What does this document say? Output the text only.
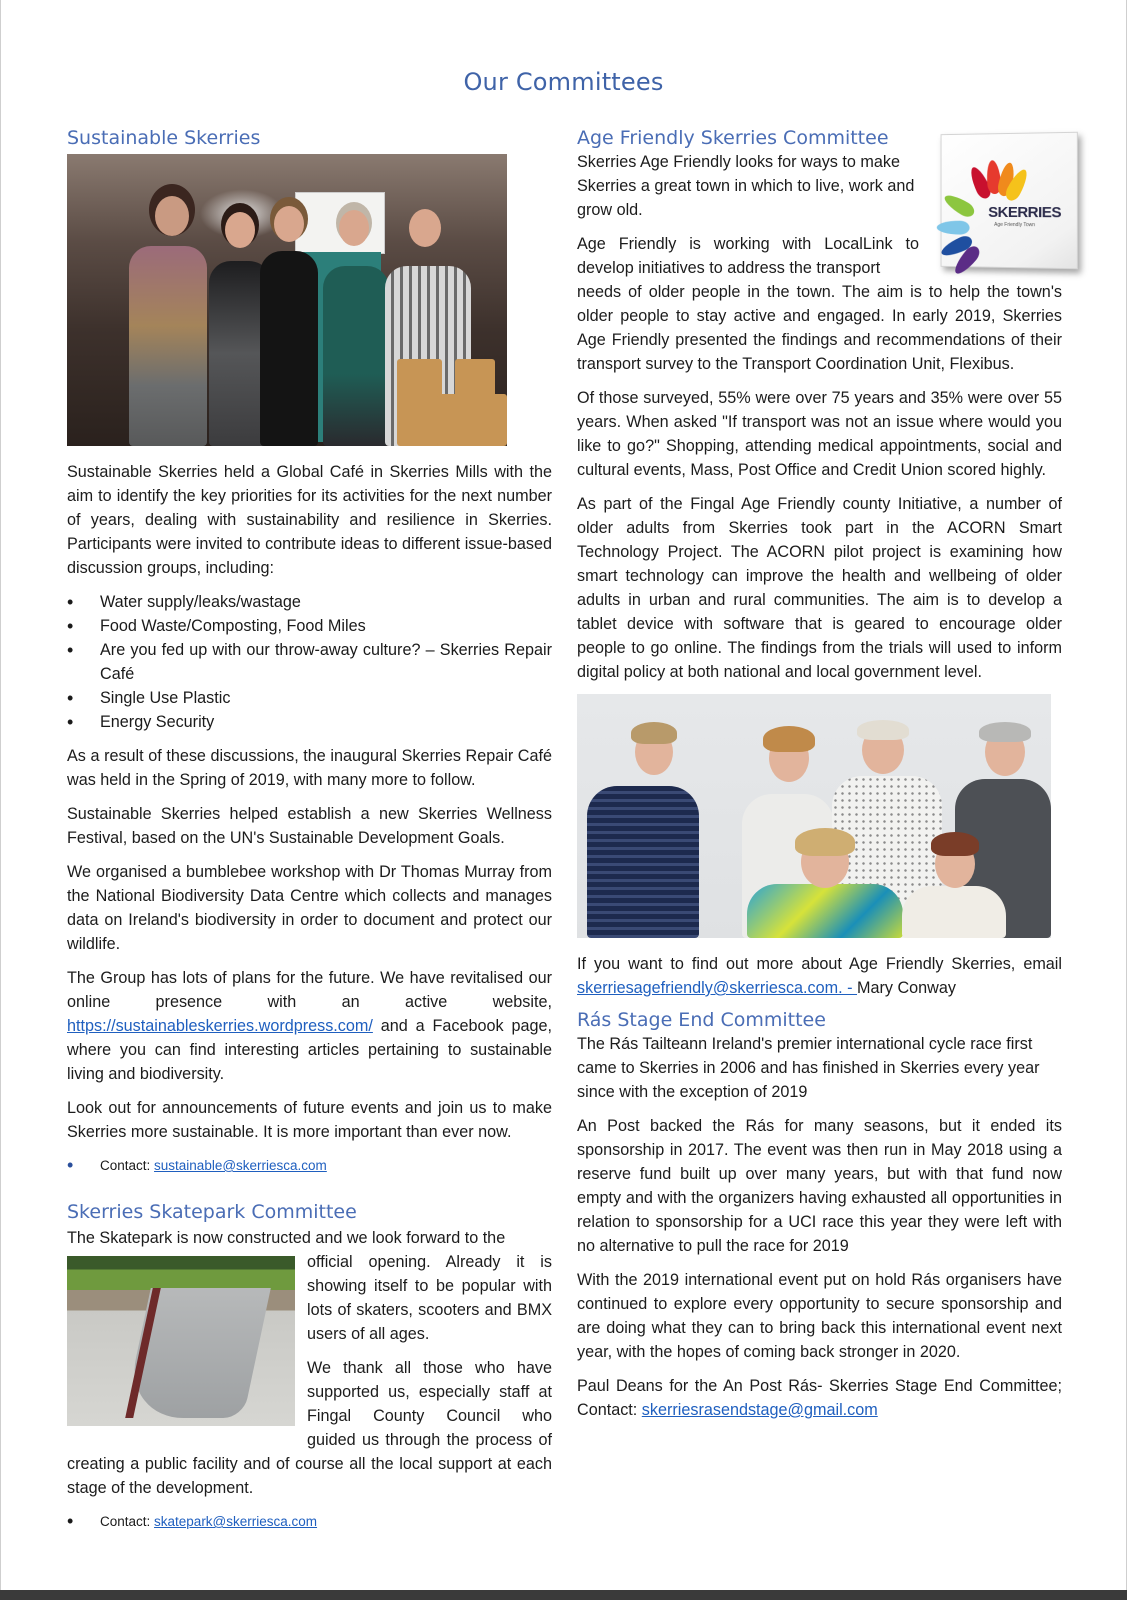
Our Committees
Sustainable Skerries

Sustainable Skerries held a Global Café in Skerries Mills with the aim to identify the key priorities for its activities for the next number of years, dealing with sustainability and resilience in Skerries. Participants were invited to contribute ideas to different issue-based discussion groups, including:

• Water supply/leaks/wastage
• Food Waste/Composting, Food Miles
• Are you fed up with our throw-away culture? – Skerries Repair Café
• Single Use Plastic
• Energy Security

As a result of these discussions, the inaugural Skerries Repair Café was held in the Spring of 2019, with many more to follow.

Sustainable Skerries helped establish a new Skerries Wellness Festival, based on the UN's Sustainable Development Goals.

We organised a bumblebee workshop with Dr Thomas Murray from the National Biodiversity Data Centre which collects and manages data on Ireland's biodiversity in order to document and protect our wildlife.

The Group has lots of plans for the future. We have revitalised our online presence with an active website, https://sustainableskerries.wordpress.com/ and a Facebook page, where you can find interesting articles pertaining to sustainable living and biodiversity.

Look out for announcements of future events and join us to make Skerries more sustainable. It is more important than ever now.

• Contact: sustainable@skerriesca.com
Skerries Skatepark Committee

The Skatepark is now constructed and we look forward to the

official opening. Already it is showing itself to be popular with lots of skaters, scooters and BMX users of all ages.

We thank all those who have supported us, especially staff at Fingal County Council who guided us through the process of creating a public facility and of course all the local support at each stage of the development.

• Contact: skatepark@skerriesca.com
SKERRIES
Age Friendly Town
Age Friendly Skerries Committee

Skerries Age Friendly looks for ways to make Skerries a great town in which to live, work and grow old.

Age Friendly is working with LocalLink to develop initiatives to address the transport

needs of older people in the town. The aim is to help the town's older people to stay active and engaged. In early 2019, Skerries Age Friendly presented the findings and recommendations of their transport survey to the Transport Coordination Unit, Flexibus.

Of those surveyed, 55% were over 75 years and 35% were over 55 years. When asked "If transport was not an issue where would you like to go?" Shopping, attending medical appointments, social and cultural events, Mass, Post Office and Credit Union scored highly.

As part of the Fingal Age Friendly county Initiative, a number of older adults from Skerries took part in the ACORN Smart Technology Project. The ACORN pilot project is examining how smart technology can improve the health and wellbeing of older adults in urban and rural communities. The aim is to develop a tablet device with software that is geared to encourage older people to go online. The findings from the trials will used to inform digital policy at both national and local government level.

If you want to find out more about Age Friendly Skerries, email skerriesagefriendly@skerriesca.com. - Mary Conway

Rás Stage End Committee

The Rás Tailteann Ireland's premier international cycle race first came to Skerries in 2006 and has finished in Skerries every year since with the exception of 2019

An Post backed the Rás for many seasons, but it ended its sponsorship in 2017. The event was then run in May 2018 using a reserve fund built up over many years, but with that fund now empty and with the organizers having exhausted all opportunities in relation to sponsorship for a UCI race this year they were left with no alternative to pull the race for 2019

With the 2019 international event put on hold Rás organisers have continued to explore every opportunity to secure sponsorship and are doing what they can to bring back this international event next year, with the hopes of coming back stronger in 2020.

Paul Deans for the An Post Rás- Skerries Stage End Committee; Contact: skerriesrasendstage@gmail.com
